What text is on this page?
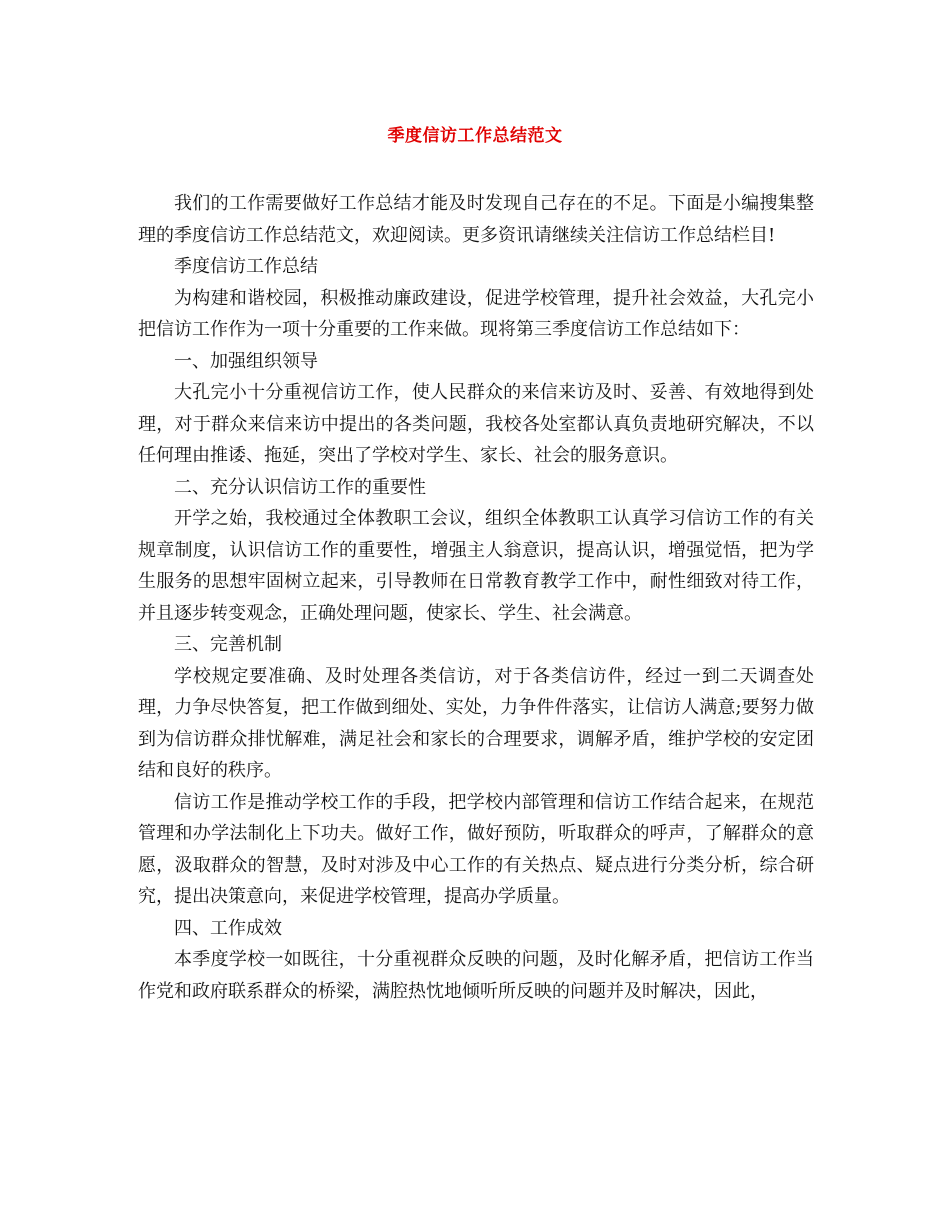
季度信访工作总结范文

我们的工作需要做好工作总结才能及时发现自己存在的不足。下面是小编搜集整理的季度信访工作总结范文，欢迎阅读。更多资讯请继续关注信访工作总结栏目!

季度信访工作总结

为构建和谐校园，积极推动廉政建设，促进学校管理，提升社会效益，大孔完小把信访工作作为一项十分重要的工作来做。现将第三季度信访工作总结如下：

一、加强组织领导

大孔完小十分重视信访工作，使人民群众的来信来访及时、妥善、有效地得到处理，对于群众来信来访中提出的各类问题，我校各处室都认真负责地研究解决，不以任何理由推诿、拖延，突出了学校对学生、家长、社会的服务意识。

二、充分认识信访工作的重要性

开学之始，我校通过全体教职工会议，组织全体教职工认真学习信访工作的有关规章制度，认识信访工作的重要性，增强主人翁意识，提高认识，增强觉悟，把为学生服务的思想牢固树立起来，引导教师在日常教育教学工作中，耐性细致对待工作，并且逐步转变观念，正确处理问题，使家长、学生、社会满意。

三、完善机制

学校规定要准确、及时处理各类信访，对于各类信访件，经过一到二天调查处理，力争尽快答复，把工作做到细处、实处，力争件件落实，让信访人满意;要努力做到为信访群众排忧解难，满足社会和家长的合理要求，调解矛盾，维护学校的安定团结和良好的秩序。

信访工作是推动学校工作的手段，把学校内部管理和信访工作结合起来，在规范管理和办学法制化上下功夫。做好工作，做好预防，听取群众的呼声，了解群众的意愿，汲取群众的智慧，及时对涉及中心工作的有关热点、疑点进行分类分析，综合研究，提出决策意向，来促进学校管理，提高办学质量。

四、工作成效

本季度学校一如既往，十分重视群众反映的问题，及时化解矛盾，把信访工作当作党和政府联系群众的桥梁，满腔热忱地倾听所反映的问题并及时解决，因此，
